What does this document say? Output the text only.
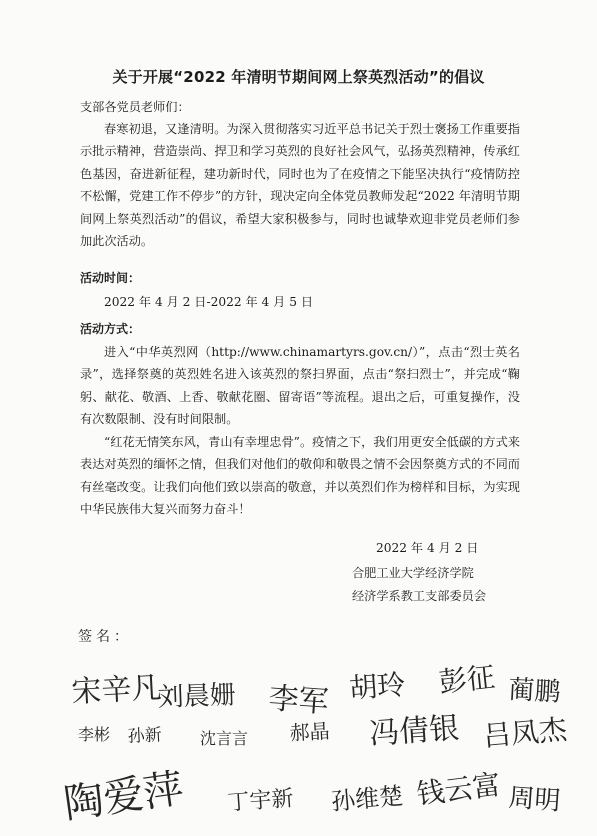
关于开展“2022 年清明节期间网上祭英烈活动”的倡议
支部各党员老师们：
春寒初退，又逢清明。为深入贯彻落实习近平总书记关于烈士褒扬工作重要指示批示精神，营造崇尚、捍卫和学习英烈的良好社会风气，弘扬英烈精神，传承红色基因，奋进新征程，建功新时代，同时也为了在疫情之下能坚决执行“疫情防控不松懈，党建工作不停步”的方针，现决定向全体党员教师发起“2022 年清明节期间网上祭英烈活动”的倡议，希望大家积极参与，同时也诚挚欢迎非党员老师们参加此次活动。
活动时间：
2022 年 4 月 2 日-2022 年 4 月 5 日
活动方式：
进入“中华英烈网（http://www.chinamartyrs.gov.cn/）”，点击“烈士英名录”，选择祭奠的英烈姓名进入该英烈的祭扫界面，点击“祭扫烈士”，并完成“鞠躬、献花、敬酒、上香、敬献花圈、留寄语”等流程。退出之后，可重复操作，没有次数限制、没有时间限制。
“红花无情笑东风，青山有幸埋忠骨”。疫情之下，我们用更安全低碳的方式来表达对英烈的缅怀之情，但我们对他们的敬仰和敬畏之情不会因祭奠方式的不同而有丝毫改变。让我们向他们致以崇高的敬意，并以英烈们作为榜样和目标，为实现中华民族伟大复兴而努力奋斗！
2022 年 4 月 2 日
合肥工业大学经济学院
经济学系教工支部委员会
签名：
宋辛凡
刘晨姗 李军 胡玲 彭征 蔺鹏
李彬 孙新 沈言言 郝晶 冯倩银 吕凤杰
陶爱萍 丁宇新 孙维楚 钱云富 周明
